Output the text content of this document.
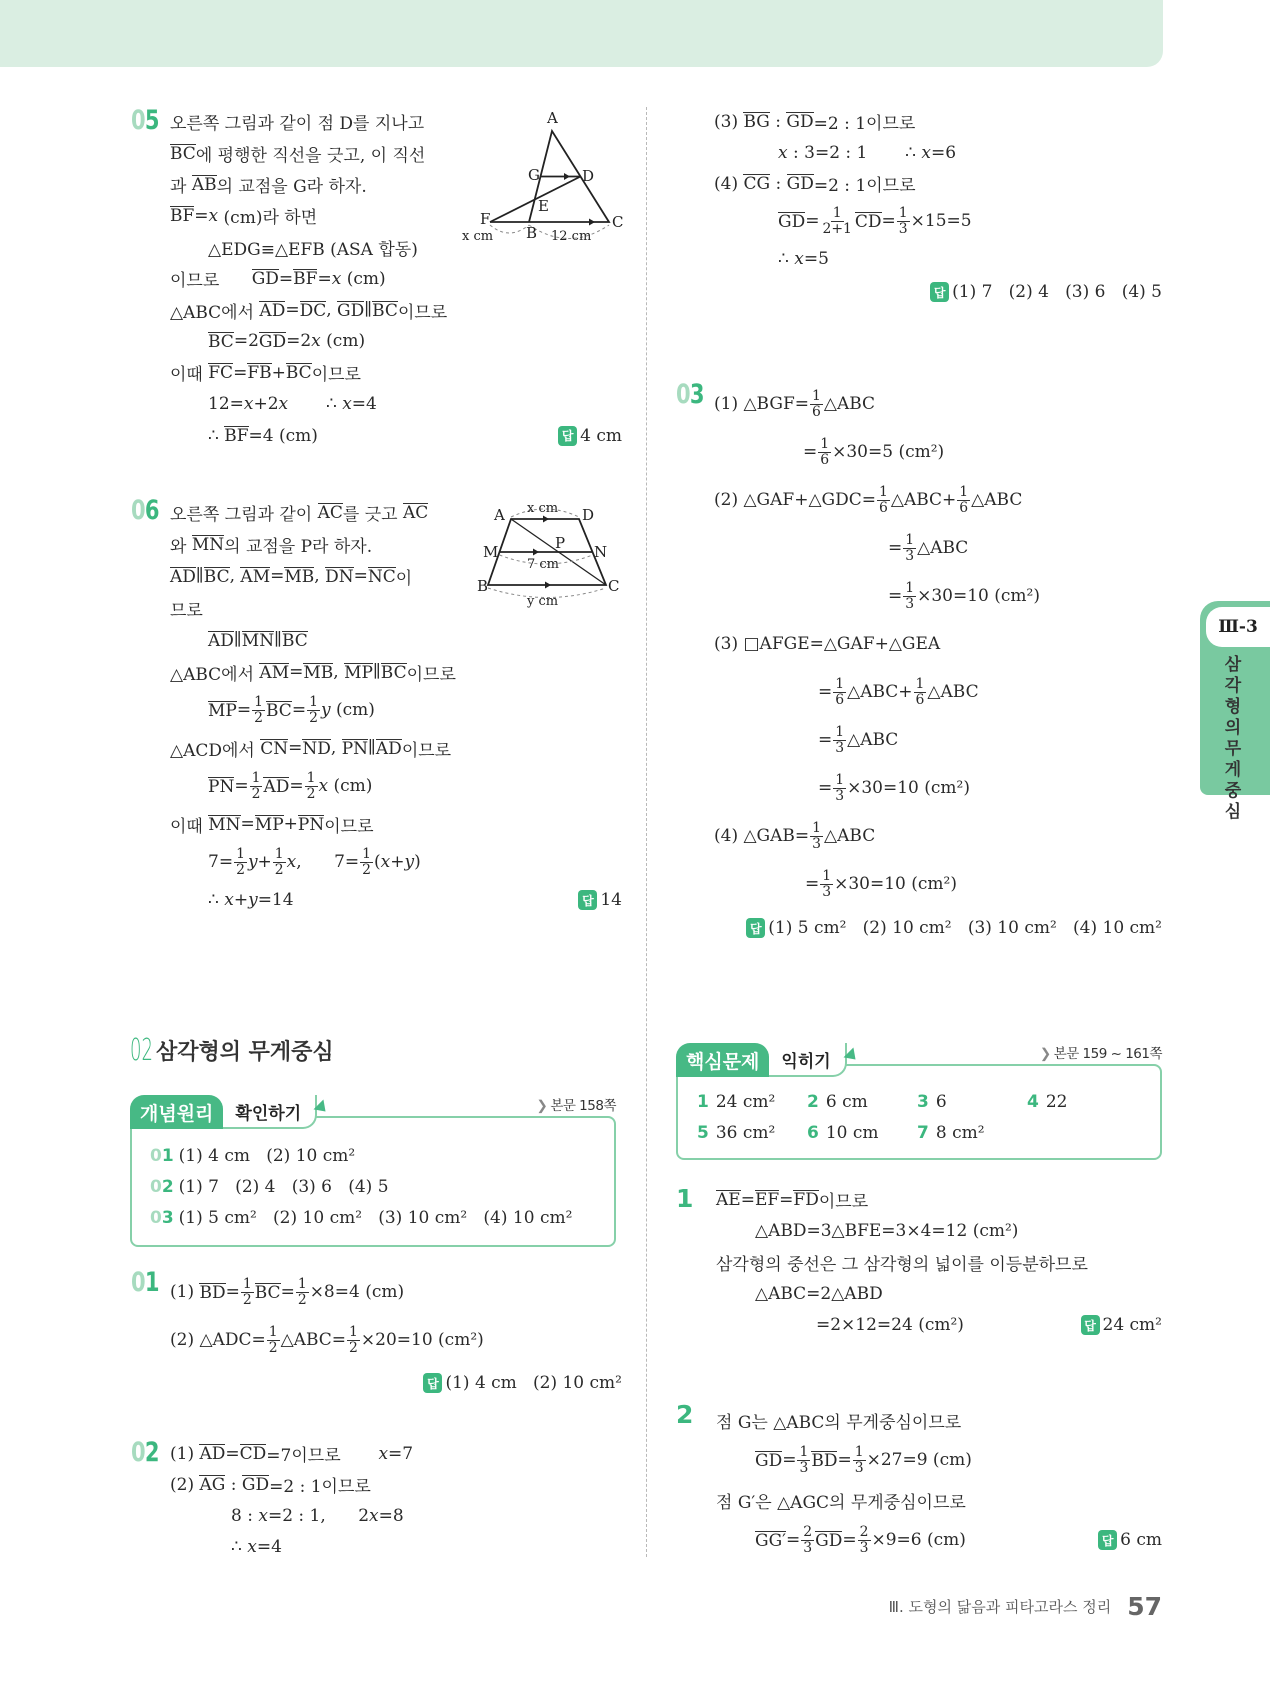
05 오른쪽 그림과 같이 점 D를 지나고
BC 에 평행한 직선을 긋고, 이 직선
과 AB 의 교점을 G라 하자.
BF = x (cm)라 하면
△EDG≡△EFB (ASA 합동)
이므로 GD = BF = x (cm)
△ABC에서 AD = DC , GD ∥ BC 이므로
BC =2 GD =2 x (cm)
이때 FC = FB + BC 이므로
12= x +2 x ∴ x =4
∴ BF =4 (cm)	답 4 cm
06 오른쪽 그림과 같이 AC 를 긋고 AC
와 MN 의 교점을 P라 하자.
AD ∥ BC , AM = MB , DN = NC 이
므로
AD ∥ MN ∥ BC
△ABC에서 AM = MB , MP ∥ BC 이므로
MP = $\frac{1}{2}$ BC = $\frac{1}{2}$ y (cm)
△ACD에서 CN = ND , PN ∥ AD 이므로
PN = $\frac{1}{2}$ AD = $\frac{1}{2}$ x (cm)
이때 MN = MP + PN 이므로
$7= \frac{1}{2}$ $y + \frac{1}{2}$ x ,      $7= \frac{1}{2}$ ( x + y )
∴ x + y =14	답 14
01 (1) BD = $\frac{1}{2}$ BC = $\frac{1}{2} \times 8=4$ (cm)
(2) △ADC= $\frac{1}{2}$ △ABC= $\frac{1}{2} \times 20=10$ (cm²)
답 (1) 4 cm   (2) 10 cm²
02 (1) AD = CD =7이므로 x =7
(2) AG : GD =2 : 1이므로
8 : x =2 : 1,      2 x =8
∴ x =4
(3) BG : GD =2 : 1이므로
x : 3=2 : 1       ∴ x =6
(4) CG : GD =2 : 1이므로
GD = $\frac{1}{2+1}$ CD = $\frac{1}{3} \times 15=5$
∴ x =5
답 (1) 7   (2) 4   (3) 6   (4) 5
03 (1) △BGF= $\frac{1}{6}$ △ABC
= $\frac{1}{6} \times 30=5$ (cm²)
(2) △GAF+△GDC= $\frac{1}{6}$ △ABC+ $\frac{1}{6}$ △ABC
= $\frac{1}{3}$ △ABC
= $\frac{1}{3} \times 30=10$ (cm²)
(3) □AFGE=△GAF+△GEA
= $\frac{1}{6}$ △ABC+ $\frac{1}{6}$ △ABC
= $\frac{1}{3}$ △ABC
= $\frac{1}{3} \times 30=10$ (cm²)
(4) △GAB= $\frac{1}{3}$ △ABC
= $\frac{1}{3} \times 30=10$ (cm²)
답 (1) 5 cm²   (2) 10 cm²   (3) 10 cm²   (4) 10 cm²
1 AE = EF = FD 이므로
△ABD=3△BFE=3×4=12 (cm²)
삼각형의 중선은 그 삼각형의 넓이를 이등분하므로
△ABC=2△ABD
=2×12=24 (cm²)	답 24 cm²
2 점 G는 △ABC의 무게중심이므로
GD = $\frac{1}{3}$ BD = $\frac{1}{3} \times 27=9$ (cm)
점 G′은 △AGC의 무게중심이므로
$GG' = \frac{2}{3}$ GD = $\frac{2}{3} \times 9=6$ (cm)	답 6 cm
A
G	D
E
F
B
C
x cm	12 cm
A	D
M	P N
B	C
x cm
7 cm
y cm
02 삼각형의 무게중심
개념원리	확인하기	❯ 본문 158쪽
01 (1) 4 cm   (2) 10 cm²
02 (1) 7   (2) 4   (3) 6   (4) 5
03 (1) 5 cm²   (2) 10 cm²   (3) 10 cm²   (4) 10 cm²
핵심문제	익히기	❯ 본문 159 ~ 161쪽
1 24 cm² 2 6 cm	3 6	4 22
5 36 cm² 6 10 cm 7 8 cm²
Ⅲ-3
삼각형의 무게중심
Ⅲ. 도형의 닮음과 피타고라스 정리 57
